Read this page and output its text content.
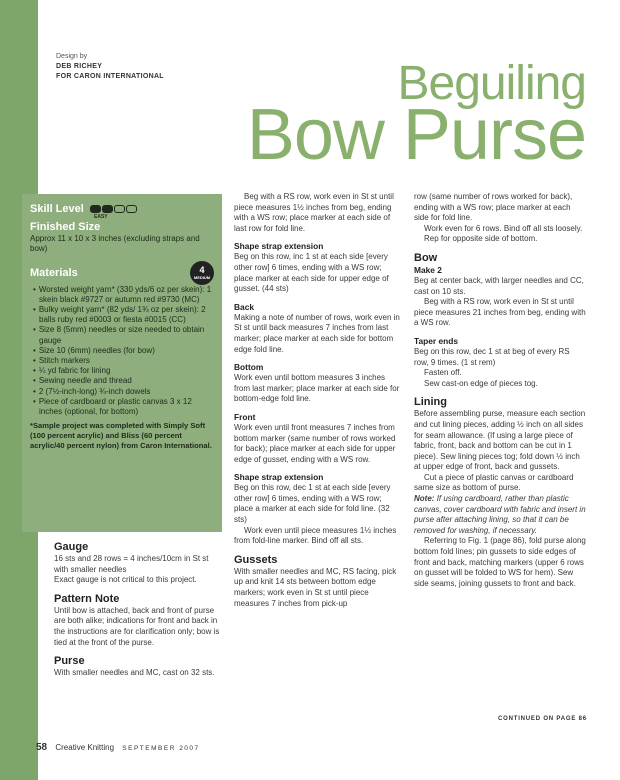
Design by
DEB RICHEY
FOR CARON INTERNATIONAL	Beguiling
Bow Purse
Skill Level
EASY
Finished Size
Approx 11 x 10 x 3 inches (excluding straps and bow)
Materials	4
MEDIUM
• Worsted weight yarn* (330 yds/6 oz per skein): 1 skein black #9727 or autumn red #9730 (MC)
• Bulky weight yarn* (82 yds/ 1¾ oz per skein): 2 balls ruby red #0003 or fiesta #0015 (CC)
• Size 8 (5mm) needles or size needed to obtain gauge
• Size 10 (6mm) needles (for bow)
• Stitch markers
• ¼ yd fabric for lining
• Sewing needle and thread
• 2 (7½-inch-long) ¾-inch dowels
• Piece of cardboard or plastic canvas 3 x 12 inches (optional, for bottom)
*Sample project was completed with Simply Soft (100 percent acrylic) and Bliss (60 percent acrylic/40 percent nylon) from Caron International.
Gauge

16 sts and 28 rows = 4 inches/10cm in St st with smaller needles

Exact gauge is not critical to this project.

Pattern Note

Until bow is attached, back and front of purse are both alike; indications for front and back in the instructions are for clarification only; bow is tied at the front of the purse.

Purse

With smaller needles and MC, cast on 32 sts.

Beg with a RS row, work even in St st until piece measures 1½ inches from beg, ending with a WS row; place marker at each side of last row for fold line.

Shape strap extension

Beg on this row, inc 1 st at each side [every other row] 6 times, ending with a WS row; place marker at each side for upper edge of gusset. (44 sts)

Back

Making a note of number of rows, work even in St st until back measures 7 inches from last marker; place marker at each side for bottom edge fold line.

Bottom

Work even until bottom measures 3 inches from last marker; place marker at each side for bottom-edge fold line.

Front

Work even until front measures 7 inches from bottom marker (same number of rows worked for back); place marker at each side for upper edge of gusset, ending with a WS row.

Shape strap extension

Beg on this row, dec 1 st at each side [every other row] 6 times, ending with a WS row; place a marker at each side for fold line. (32 sts)

Work even until piece measures 1½ inches from fold-line marker. Bind off all sts.

Gussets

With smaller needles and MC, RS facing, pick up and knit 14 sts between bottom edge markers; work even in St st until piece measures 7 inches from pick-up

row (same number of rows worked for back), ending with a WS row; place marker at each side for fold line.

Work even for 6 rows. Bind off all sts loosely.

Rep for opposite side of bottom.

Bow
Make 2

Beg at center back, with larger needles and CC, cast on 10 sts.

Beg with a RS row, work even in St st until piece measures 21 inches from beg, ending with a WS row.

Taper ends

Beg on this row, dec 1 st at beg of every RS row, 9 times. (1 st rem)

Fasten off.

Sew cast-on edge of pieces tog.

Lining

Before assembling purse, measure each section and cut lining pieces, adding ½ inch on all sides for seam allowance. (If using a large piece of fabric, front, back and bottom can be cut in 1 piece). Sew lining pieces tog; fold down ½ inch at upper edge of front, back and gussets.

Cut a piece of plastic canvas or cardboard same size as bottom of purse.

Note: If using cardboard, rather than plastic canvas, cover cardboard with fabric and insert in purse after attaching lining, so that it can be removed for washing, if necessary.

Referring to Fig. 1 (page 86), fold purse along bottom fold lines; pin gussets to side edges of front and back, matching markers (upper 6 rows on gusset will be folded to WS for hem). Sew side seams, joining gussets to front and back.

CONTINUED ON PAGE 86
58 Creative Knitting SEPTEMBER 2007
